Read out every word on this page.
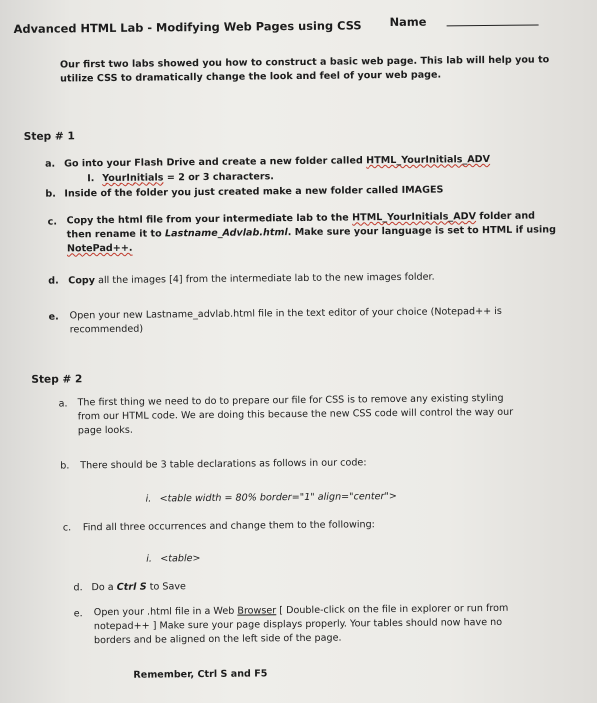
Advanced HTML Lab - Modifying Web Pages using CSS Name
Our first two labs showed you how to construct a basic web page. This lab will help you to
utilize CSS to dramatically change the look and feel of your web page.
Step # 1
a. Go into your Flash Drive and create a new folder called HTML_YourInitials_ADV
I. YourInitials = 2 or 3 characters.
b. Inside of the folder you just created make a new folder called IMAGES
c. Copy the html file from your intermediate lab to the HTML_YourInitials_ADV folder and
then rename it to Lastname_Advlab.html. Make sure your language is set to HTML if using
NotePad++.
d. Copy all the images [4] from the intermediate lab to the new images folder.
e. Open your new Lastname_advlab.html file in the text editor of your choice (Notepad++ is
recommended)
Step # 2
a. The first thing we need to do to prepare our file for CSS is to remove any existing styling
from our HTML code. We are doing this because the new CSS code will control the way our
page looks.
b. There should be 3 table declarations as follows in our code:
i. <table width = 80% border="1" align="center">
c. Find all three occurrences and change them to the following:
i. <table>
d. Do a Ctrl S to Save
e. Open your .html file in a Web Browser [ Double-click on the file in explorer or run from
notepad++ ] Make sure your page displays properly. Your tables should now have no
borders and be aligned on the left side of the page.
Remember, Ctrl S and F5
